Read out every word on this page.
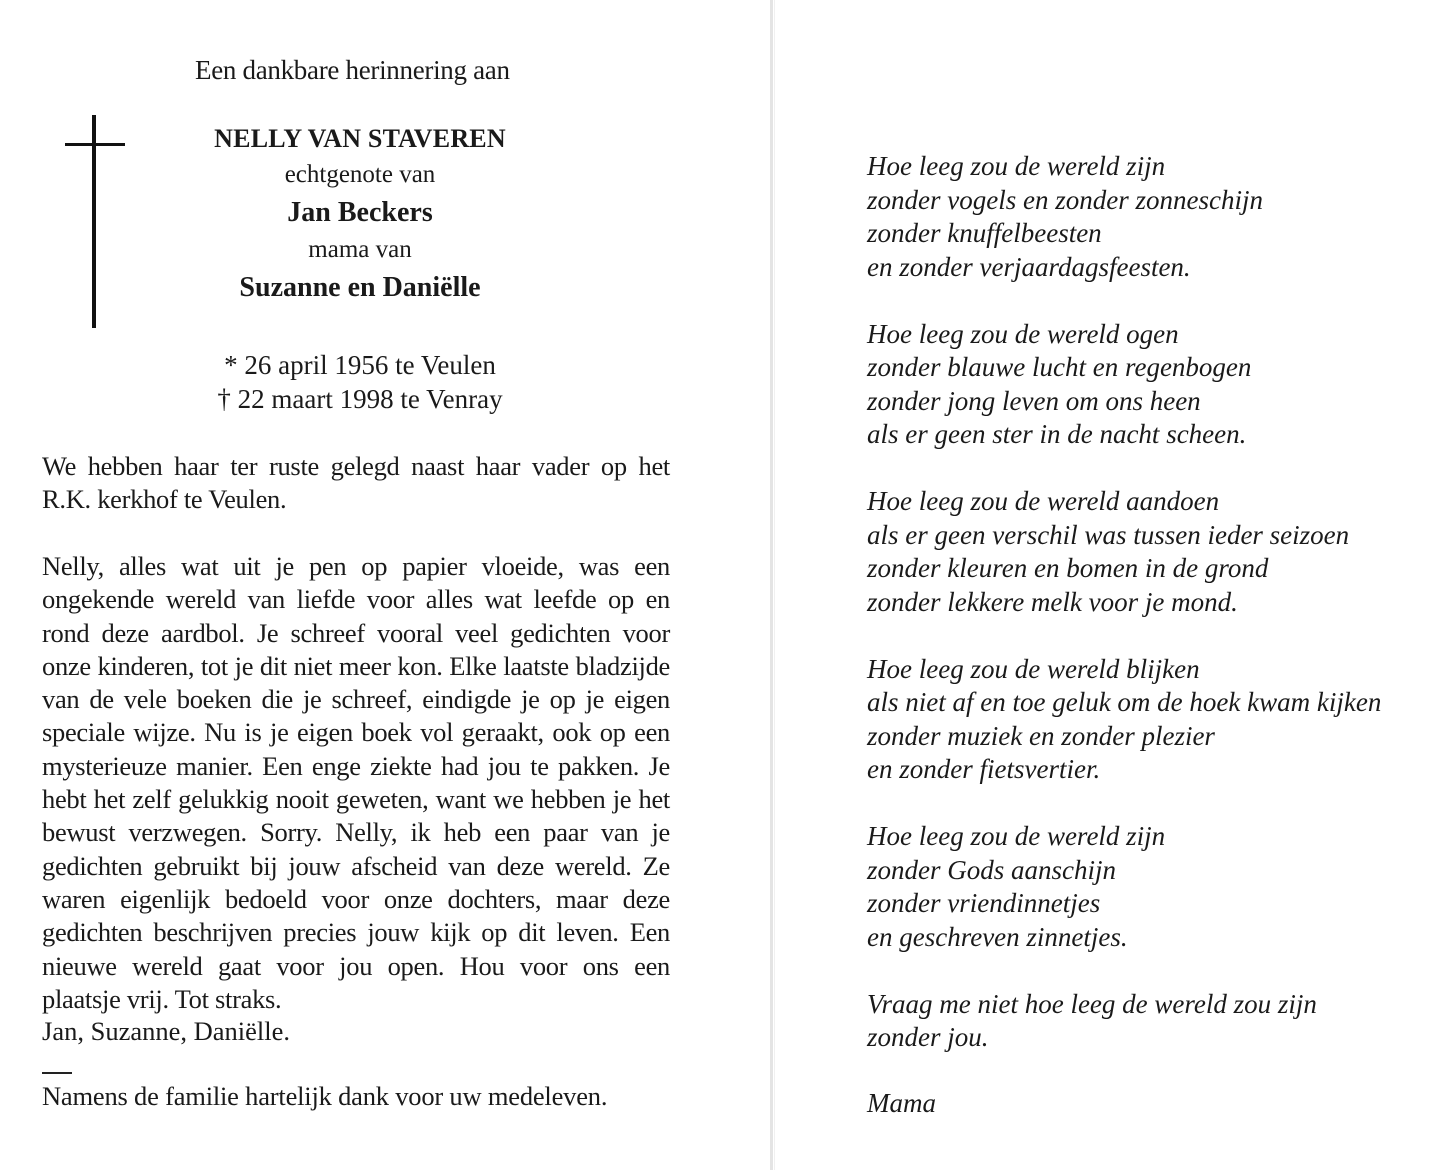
Een dankbare herinnering aan
NELLY VAN STAVEREN
echtgenote van
Jan Beckers
mama van
Suzanne en Daniëlle
* 26 april 1956 te Veulen
† 22 maart 1998 te Venray
We hebben haar ter ruste gelegd naast haar vader op het R.K. kerkhof te Veulen.
Nelly, alles wat uit je pen op papier vloeide, was een ongekende wereld van liefde voor alles wat leefde op en rond deze aardbol. Je schreef vooral veel gedichten voor onze kinderen, tot je dit niet meer kon. Elke laatste bladzijde van de vele boeken die je schreef, eindigde je op je eigen speciale wijze. Nu is je eigen boek vol geraakt, ook op een mysterieuze manier. Een enge ziekte had jou te pakken. Je hebt het zelf gelukkig nooit geweten, want we hebben je het bewust verzwegen. Sorry. Nelly, ik heb een paar van je gedichten gebruikt bij jouw afscheid van deze wereld. Ze waren eigenlijk bedoeld voor onze dochters, maar deze gedichten beschrijven precies jouw kijk op dit leven. Een nieuwe wereld gaat voor jou open. Hou voor ons een plaatsje vrij. Tot straks.
Jan, Suzanne, Daniëlle.
Namens de familie hartelijk dank voor uw medeleven.
Hoe leeg zou de wereld zijn
zonder vogels en zonder zonneschijn
zonder knuffelbeesten
en zonder verjaardagsfeesten.
Hoe leeg zou de wereld ogen
zonder blauwe lucht en regenbogen
zonder jong leven om ons heen
als er geen ster in de nacht scheen.
Hoe leeg zou de wereld aandoen
als er geen verschil was tussen ieder seizoen
zonder kleuren en bomen in de grond
zonder lekkere melk voor je mond.
Hoe leeg zou de wereld blijken
als niet af en toe geluk om de hoek kwam kijken
zonder muziek en zonder plezier
en zonder fietsvertier.
Hoe leeg zou de wereld zijn
zonder Gods aanschijn
zonder vriendinnetjes
en geschreven zinnetjes.
Vraag me niet hoe leeg de wereld zou zijn
zonder jou.
Mama
